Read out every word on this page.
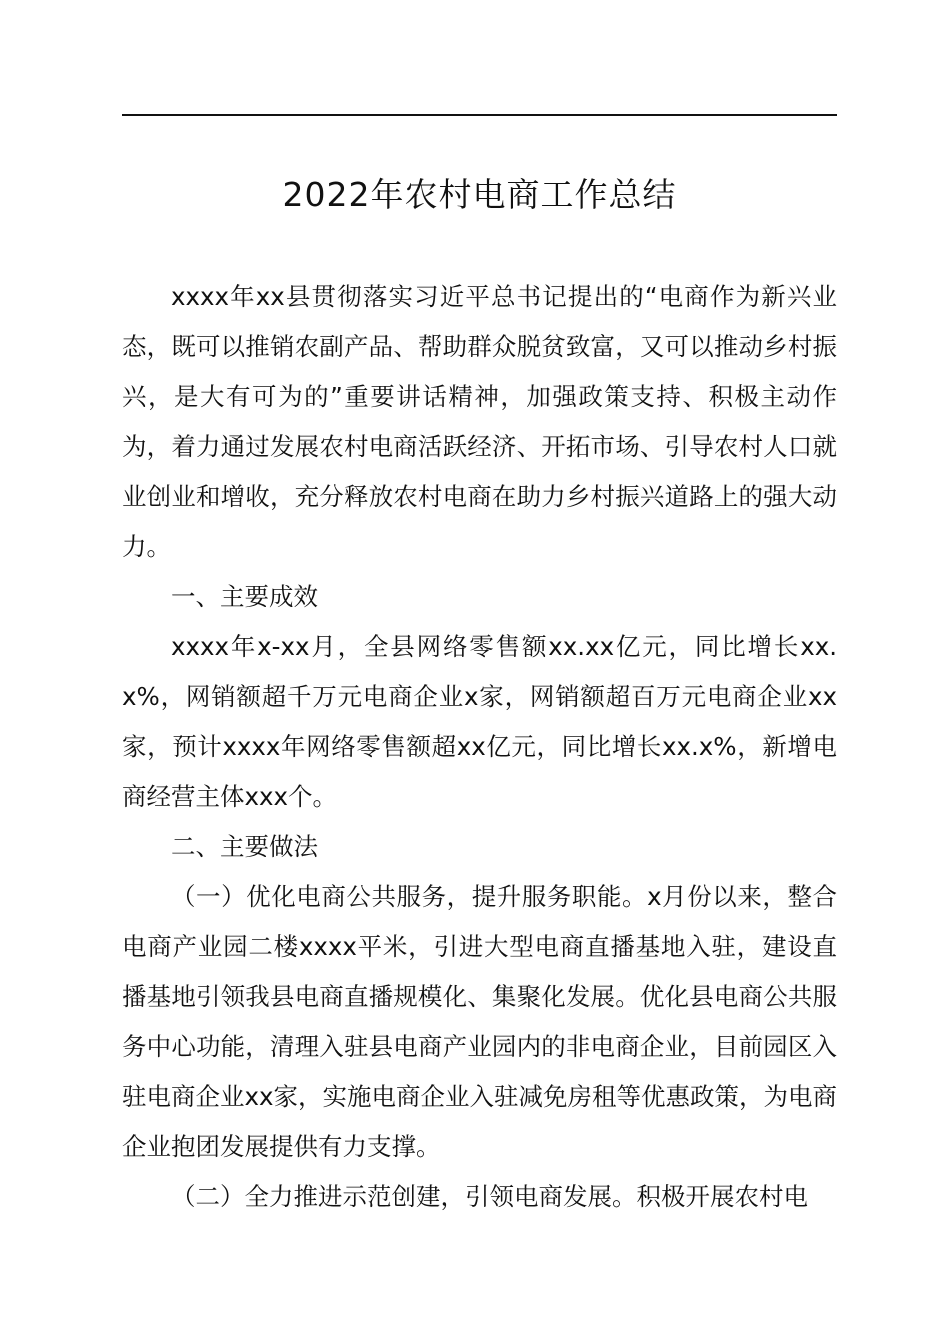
2022年农村电商工作总结

xxxx年xx县贯彻落实习近平总书记提出的“电商作为新兴业态，既可以推销农副产品、帮助群众脱贫致富，又可以推动乡村振兴，是大有可为的”重要讲话精神，加强政策支持、积极主动作为，着力通过发展农村电商活跃经济、开拓市场、引导农村人口就业创业和增收，充分释放农村电商在助力乡村振兴道路上的强大动力。

一、主要成效

xxxx年x-xx月，全县网络零售额xx.xx亿元，同比增长xx.x%，网销额超千万元电商企业x家，网销额超百万元电商企业xx家，预计xxxx年网络零售额超xx亿元，同比增长xx.x%，新增电商经营主体xxx个。

二、主要做法

（一）优化电商公共服务，提升服务职能。x月份以来，整合电商产业园二楼xxxx平米，引进大型电商直播基地入驻，建设直播基地引领我县电商直播规模化、集聚化发展。优化县电商公共服务中心功能，清理入驻县电商产业园内的非电商企业，目前园区入驻电商企业xx家，实施电商企业入驻减免房租等优惠政策，为电商企业抱团发展提供有力支撑。

（二）全力推进示范创建，引领电商发展。积极开展农村电
